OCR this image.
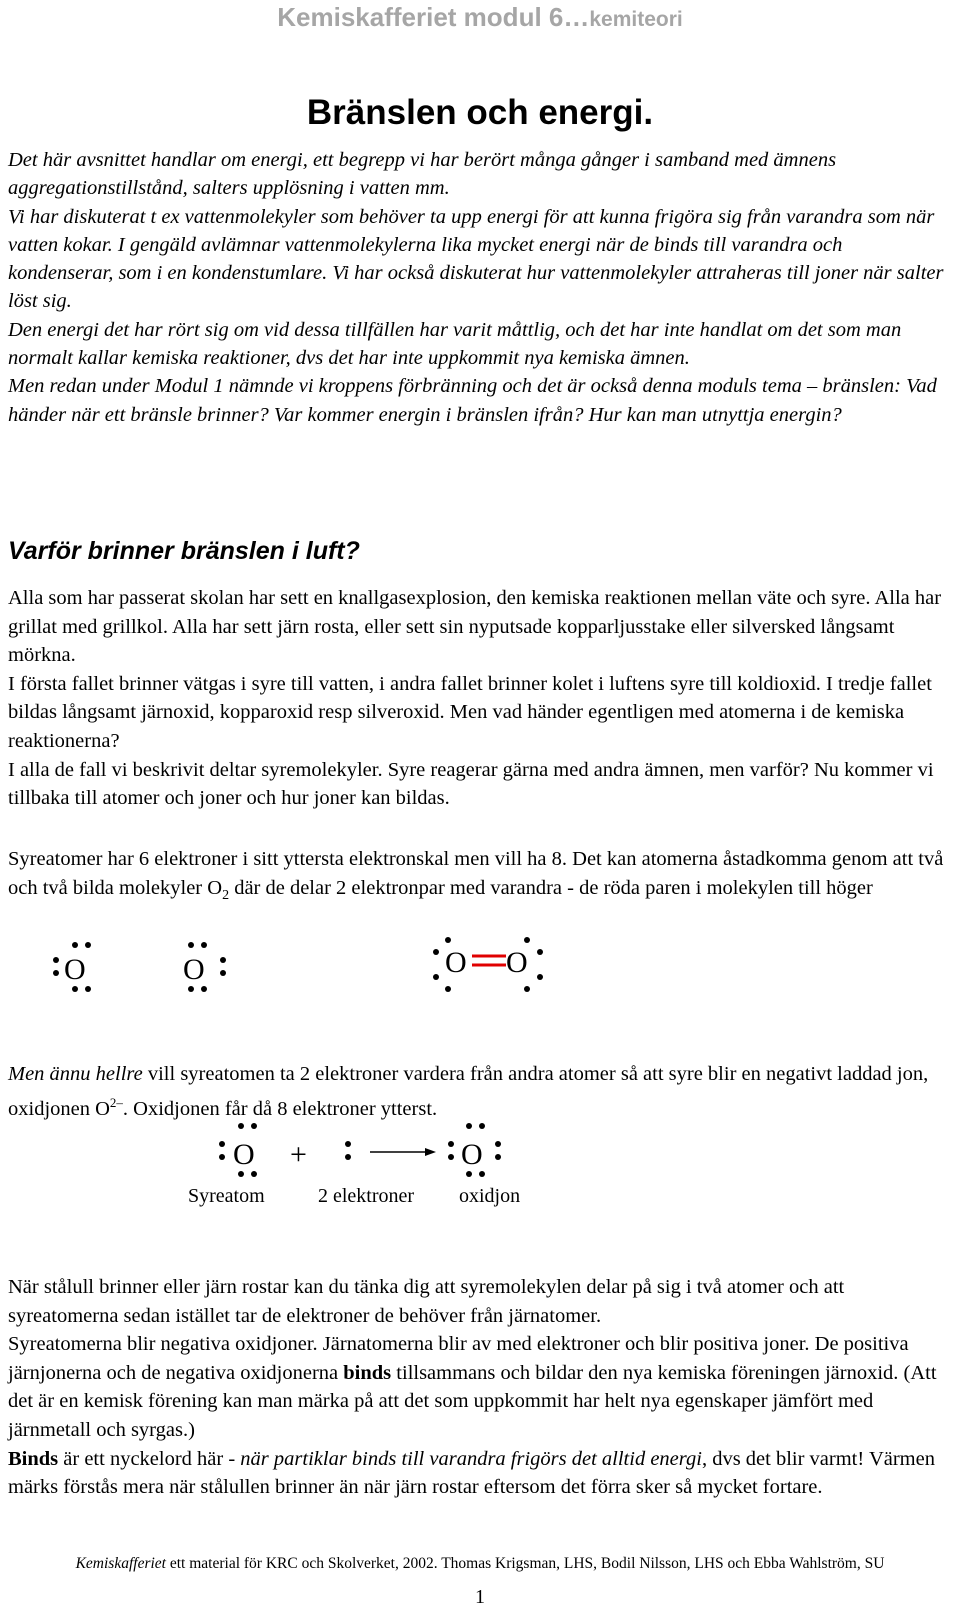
Kemiskafferiet modul 6…kemiteori
Bränslen och energi.
Det här avsnittet handlar om energi, ett begrepp vi har berört många gånger i samband med ämnens aggregationstillstånd, salters upplösning i vatten mm.
Vi har diskuterat t ex vattenmolekyler som behöver ta upp energi för att kunna frigöra sig från varandra som när vatten kokar. I gengäld avlämnar vattenmolekylerna lika mycket energi när de binds till varandra och kondenserar, som i en kondenstumlare. Vi har också diskuterat hur vattenmolekyler attraheras till joner när salter löst sig.
Den energi det har rört sig om vid dessa tillfällen har varit måttlig, och det har inte handlat om det som man normalt kallar kemiska reaktioner, dvs det har inte uppkommit nya kemiska ämnen.
Men redan under Modul 1 nämnde vi kroppens förbränning och det är också denna moduls tema – bränslen: Vad händer när ett bränsle brinner? Var kommer energin i bränslen ifrån? Hur kan man utnyttja energin?
Varför brinner bränslen i luft?
Alla som har passerat skolan har sett en knallgasexplosion, den kemiska reaktionen mellan väte och syre. Alla har grillat med grillkol. Alla har sett järn rosta, eller sett sin nyputsade kopparljusstake eller silversked långsamt mörkna.
I första fallet brinner vätgas i syre till vatten, i andra fallet brinner kolet i luftens syre till koldioxid. I tredje fallet bildas långsamt järnoxid, kopparoxid resp silveroxid. Men vad händer egentligen med atomerna i de kemiska reaktionerna?
I alla de fall vi beskrivit deltar syremolekyler. Syre reagerar gärna med andra ämnen, men varför? Nu kommer vi tillbaka till atomer och joner och hur joner kan bildas.
Syreatomer har 6 elektroner i sitt yttersta elektronskal men vill ha 8. Det kan atomerna åstadkomma genom att två och två bilda molekyler $O_2$ där de delar 2 elektronpar med varandra - de röda paren i molekylen till höger
O	O	O O
Men ännu hellre vill syreatomen ta 2 elektroner vardera från andra atomer så att syre blir en negativt laddad jon, oxidjonen $O^{2-}$. Oxidjonen får då 8 elektroner ytterst.
O +	O
Syreatom	2 elektroner oxidjon
När stålull brinner eller järn rostar kan du tänka dig att syremolekylen delar på sig i två atomer och att syreatomerna sedan istället tar de elektroner de behöver från järnatomer.
Syreatomerna blir negativa oxidjoner. Järnatomerna blir av med elektroner och blir positiva joner. De positiva järnjonerna och de negativa oxidjonerna binds tillsammans och bildar den nya kemiska föreningen järnoxid. (Att det är en kemisk förening kan man märka på att det som uppkommit har helt nya egenskaper jämfört med järnmetall och syrgas.)
Binds är ett nyckelord här - när partiklar binds till varandra frigörs det alltid energi, dvs det blir varmt! Värmen märks förstås mera när stålullen brinner än när järn rostar eftersom det förra sker så mycket fortare.
Kemiskafferiet ett material för KRC och Skolverket, 2002. Thomas Krigsman, LHS, Bodil Nilsson, LHS och Ebba Wahlström, SU
1
